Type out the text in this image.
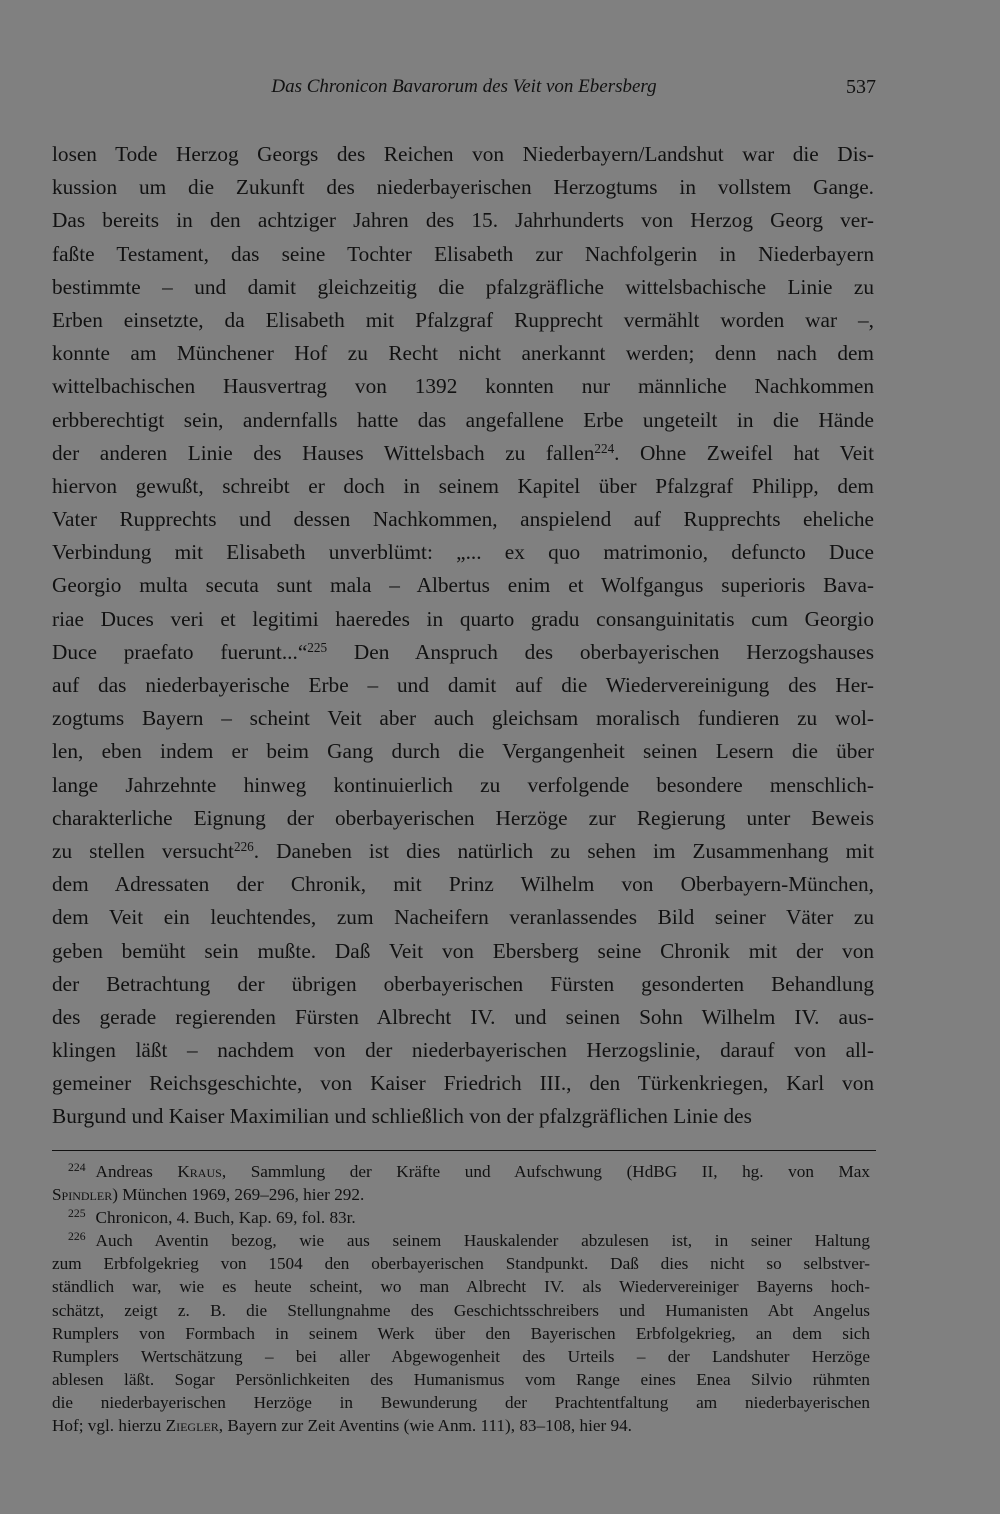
Das Chronicon Bavarorum des Veit von Ebersberg	537
losen Tode Herzog Georgs des Reichen von Niederbayern/Landshut war die Dis-
kussion um die Zukunft des niederbayerischen Herzogtums in vollstem Gange.
Das bereits in den achtziger Jahren des 15. Jahrhunderts von Herzog Georg ver-
faßte Testament, das seine Tochter Elisabeth zur Nachfolgerin in Niederbayern
bestimmte – und damit gleichzeitig die pfalzgräfliche wittelsbachische Linie zu
Erben einsetzte, da Elisabeth mit Pfalzgraf Rupprecht vermählt worden war –,
konnte am Münchener Hof zu Recht nicht anerkannt werden; denn nach dem
wittelbachischen Hausvertrag von 1392 konnten nur männliche Nachkommen
erbberechtigt sein, andernfalls hatte das angefallene Erbe ungeteilt in die Hände
der anderen Linie des Hauses Wittelsbach zu fallen$^{224}$. Ohne Zweifel hat Veit
hiervon gewußt, schreibt er doch in seinem Kapitel über Pfalzgraf Philipp, dem
Vater Rupprechts und dessen Nachkommen, anspielend auf Rupprechts eheliche
Verbindung mit Elisabeth unverblümt: „... ex quo matrimonio, defuncto Duce
Georgio multa secuta sunt mala – Albertus enim et Wolfgangus superioris Bava-
riae Duces veri et legitimi haeredes in quarto gradu consanguinitatis cum Georgio
Duce praefato fuerunt...“$^{225}$ Den Anspruch des oberbayerischen Herzogshauses
auf das niederbayerische Erbe – und damit auf die Wiedervereinigung des Her-
zogtums Bayern – scheint Veit aber auch gleichsam moralisch fundieren zu wol-
len, eben indem er beim Gang durch die Vergangenheit seinen Lesern die über
lange Jahrzehnte hinweg kontinuierlich zu verfolgende besondere menschlich-
charakterliche Eignung der oberbayerischen Herzöge zur Regierung unter Beweis
zu stellen versucht$^{226}$. Daneben ist dies natürlich zu sehen im Zusammenhang mit
dem Adressaten der Chronik, mit Prinz Wilhelm von Oberbayern-München,
dem Veit ein leuchtendes, zum Nacheifern veranlassendes Bild seiner Väter zu
geben bemüht sein mußte. Daß Veit von Ebersberg seine Chronik mit der von
der Betrachtung der übrigen oberbayerischen Fürsten gesonderten Behandlung
des gerade regierenden Fürsten Albrecht IV. und seinen Sohn Wilhelm IV. aus-
klingen läßt – nachdem von der niederbayerischen Herzogslinie, darauf von all-
gemeiner Reichsgeschichte, von Kaiser Friedrich III., den Türkenkriegen, Karl von
Burgund und Kaiser Maximilian und schließlich von der pfalzgräflichen Linie des
$^{224}$ Andreas Kraus, Sammlung der Kräfte und Aufschwung (HdBG II, hg. von Max
Spindler) München 1969, 269–296, hier 292.
$^{225}$ Chronicon, 4. Buch, Kap. 69, fol. 83r.
$^{226}$ Auch Aventin bezog, wie aus seinem Hauskalender abzulesen ist, in seiner Haltung
zum Erbfolgekrieg von 1504 den oberbayerischen Standpunkt. Daß dies nicht so selbstver-
ständlich war, wie es heute scheint, wo man Albrecht IV. als Wiedervereiniger Bayerns hoch-
schätzt, zeigt z. B. die Stellungnahme des Geschichtsschreibers und Humanisten Abt Angelus
Rumplers von Formbach in seinem Werk über den Bayerischen Erbfolgekrieg, an dem sich
Rumplers Wertschätzung – bei aller Abgewogenheit des Urteils – der Landshuter Herzöge
ablesen läßt. Sogar Persönlichkeiten des Humanismus vom Range eines Enea Silvio rühmten
die niederbayerischen Herzöge in Bewunderung der Prachtentfaltung am niederbayerischen
Hof; vgl. hierzu Ziegler, Bayern zur Zeit Aventins (wie Anm. 111), 83–108, hier 94.
